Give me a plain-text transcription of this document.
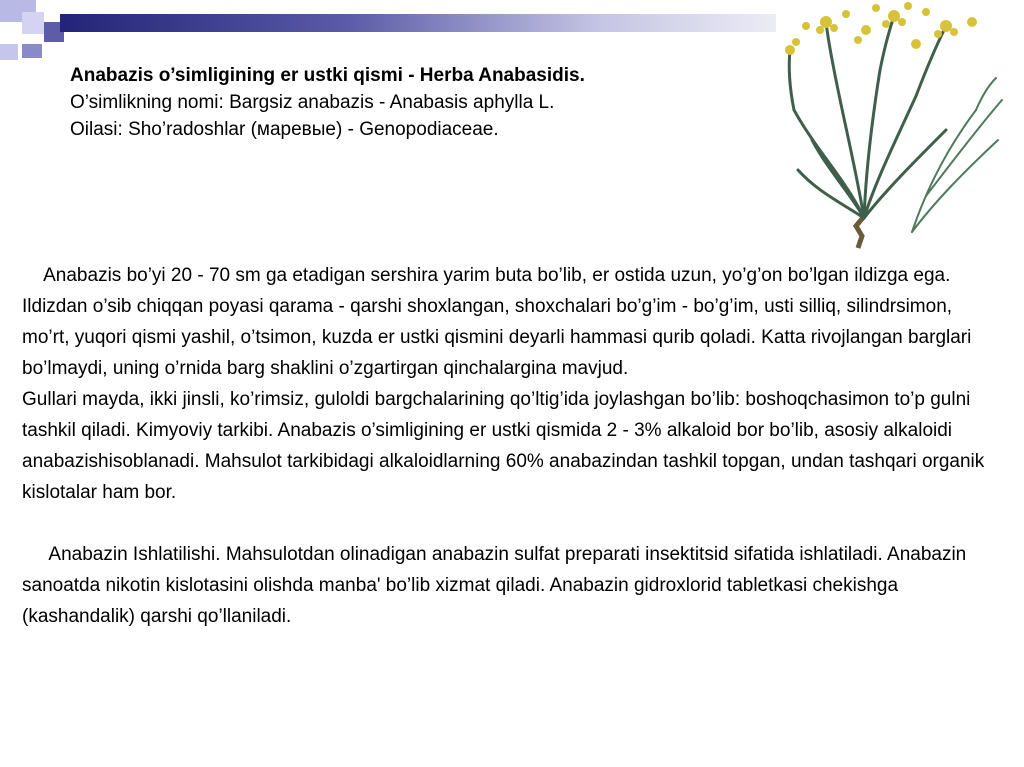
Anabazis o’simligining er ustki qismi - Herba Anabasidis.
O’simlikning nomi: Bargsiz anabazis - Anabasis aphylla L.
Oilasi: Sho’radoshlar (маревые) - Genopodiaceae.

Anabazis bo’yi 20 - 70 sm ga etadigan sershira yarim buta bo’lib, er ostida uzun, yo’g’on bo’lgan ildizga ega. Ildizdan o’sib chiqqan poyasi qarama - qarshi shoxlangan, shoxchalari bo’g’im - bo’g’im, usti silliq, silindrsimon, mo’rt, yuqori qismi yashil, o’tsimon, kuzda er ustki qismini deyarli hammasi qurib qoladi. Katta rivojlangan barglari bo’lmaydi, uning o’rnida barg shaklini o’zgartirgan qinchalargina mavjud.

Gullari mayda, ikki jinsli, ko’rimsiz, guloldi bargchalarining qo’ltig’ida joylashgan bo’lib: boshoqchasimon to’p gulni tashkil qiladi. Kimyoviy tarkibi. Anabazis o’simligining er ustki qismida 2 - 3% alkaloid bor bo’lib, asosiy alkaloidi anabazishisoblanadi. Mahsulot tarkibidagi alkaloidlarning 60% anabazindan tashkil topgan, undan tashqari organik kislotalar ham bor.

Anabazin Ishlatilishi. Mahsulotdan olinadigan anabazin sulfat preparati insektitsid sifatida ishlatiladi. Anabazin sanoatda nikotin kislotasini olishda manba' bo’lib xizmat qiladi. Anabazin gidroxlorid tabletkasi chekishga (kashandalik) qarshi qo’llaniladi.
